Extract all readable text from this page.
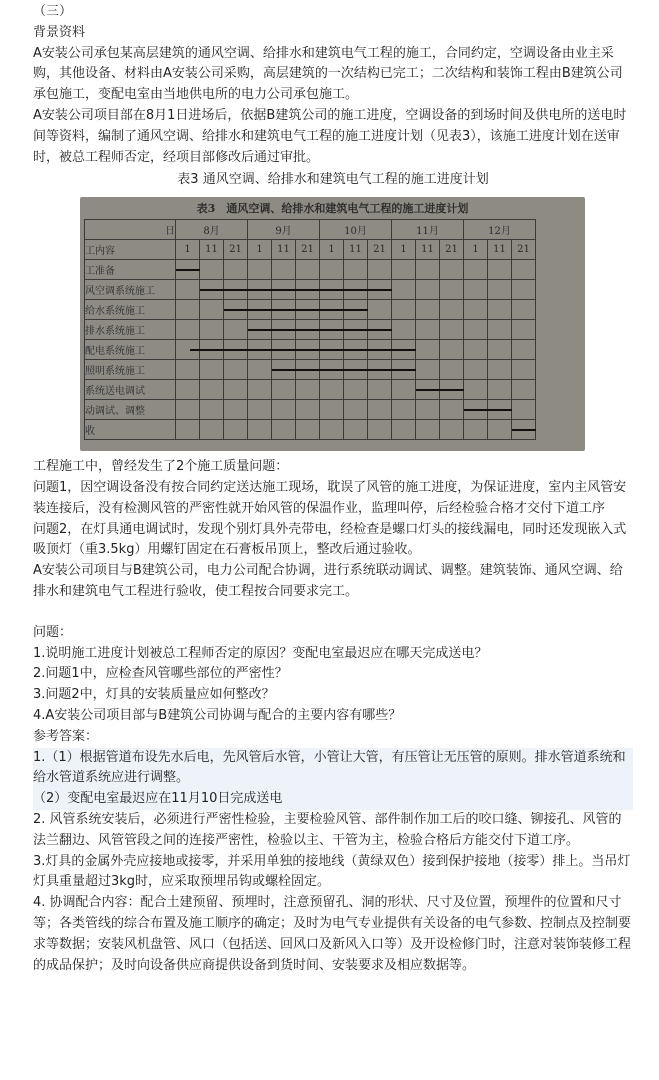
（三）

背景资料

A安装公司承包某高层建筑的通风空调、给排水和建筑电气工程的施工，合同约定，空调设备由业主采购，其他设备、材料由A安装公司采购，高层建筑的一次结构已完工；二次结构和装饰工程由B建筑公司承包施工，变配电室由当地供电所的电力公司承包施工。

A安装公司项目部在8月1日进场后，依据B建筑公司的施工进度，空调设备的到场时间及供电所的送电时间等资料，编制了通风空调、给排水和建筑电气工程的施工进度计划（见表3），该施工进度计划在送审时，被总工程师否定，经项目部修改后通过审批。

表3 通风空调、给排水和建筑电气工程的施工进度计划

表3　通风空调、给排水和建筑电气工程的施工进度计划
日	8月			9月			10月			11月			12月		
工内容	1	11	21	1	11	21	1	11	21	1	11	21	1	11	21
工准备	

风空调系统施工		

给水系统施工			

排水系统施工				

配电系统施工	

照明系统施工					

系统送电调试											

动调试、调整													

收															

工程施工中，曾经发生了2个施工质量问题：

问题1，因空调设备没有按合同约定送达施工现场，耽误了风管的施工进度，为保证进度，室内主风管安装连接后，没有检测风管的严密性就开始风管的保温作业，监理叫停，后经检验合格才交付下道工序

问题2，在灯具通电调试时，发现个别灯具外壳带电，经检查是螺口灯头的接线漏电，同时还发现嵌入式吸顶灯（重3.5kg）用螺钉固定在石膏板吊顶上，整改后通过验收。

A安装公司项目与B建筑公司，电力公司配合协调，进行系统联动调试、调整。建筑装饰、通风空调、给排水和建筑电气工程进行验收，使工程按合同要求完工。

问题：

1.说明施工进度计划被总工程师否定的原因？变配电室最迟应在哪天完成送电？

2.问题1中，应检查风管哪些部位的严密性？

3.问题2中，灯具的安装质量应如何整改？

4.A安装公司项目部与B建筑公司协调与配合的主要内容有哪些？

参考答案：

1.（1）根据管道布设先水后电，先风管后水管，小管让大管，有压管让无压管的原则。排水管道系统和给水管道系统应进行调整。

（2）变配电室最迟应在11月10日完成送电

2. 风管系统安装后，必须进行严密性检验，主要检验风管、部件制作加工后的咬口缝、铆接孔、风管的法兰翻边、风管管段之间的连接严密性，检验以主、干管为主，检验合格后方能交付下道工序。

3.灯具的金属外壳应接地或接零，并采用单独的接地线（黄绿双色）接到保护接地（接零）排上。当吊灯灯具重量超过3kg时，应采取预埋吊钩或螺栓固定。

4. 协调配合内容：配合土建预留、预埋时，注意预留孔、洞的形状、尺寸及位置，预埋件的位置和尺寸等；各类管线的综合布置及施工顺序的确定；及时为电气专业提供有关设备的电气参数、控制点及控制要求等数据；安装风机盘管、风口（包括送、回风口及新风入口等）及开设检修门时，注意对装饰装修工程的成品保护；及时向设备供应商提供设备到货时间、安装要求及相应数据等。
